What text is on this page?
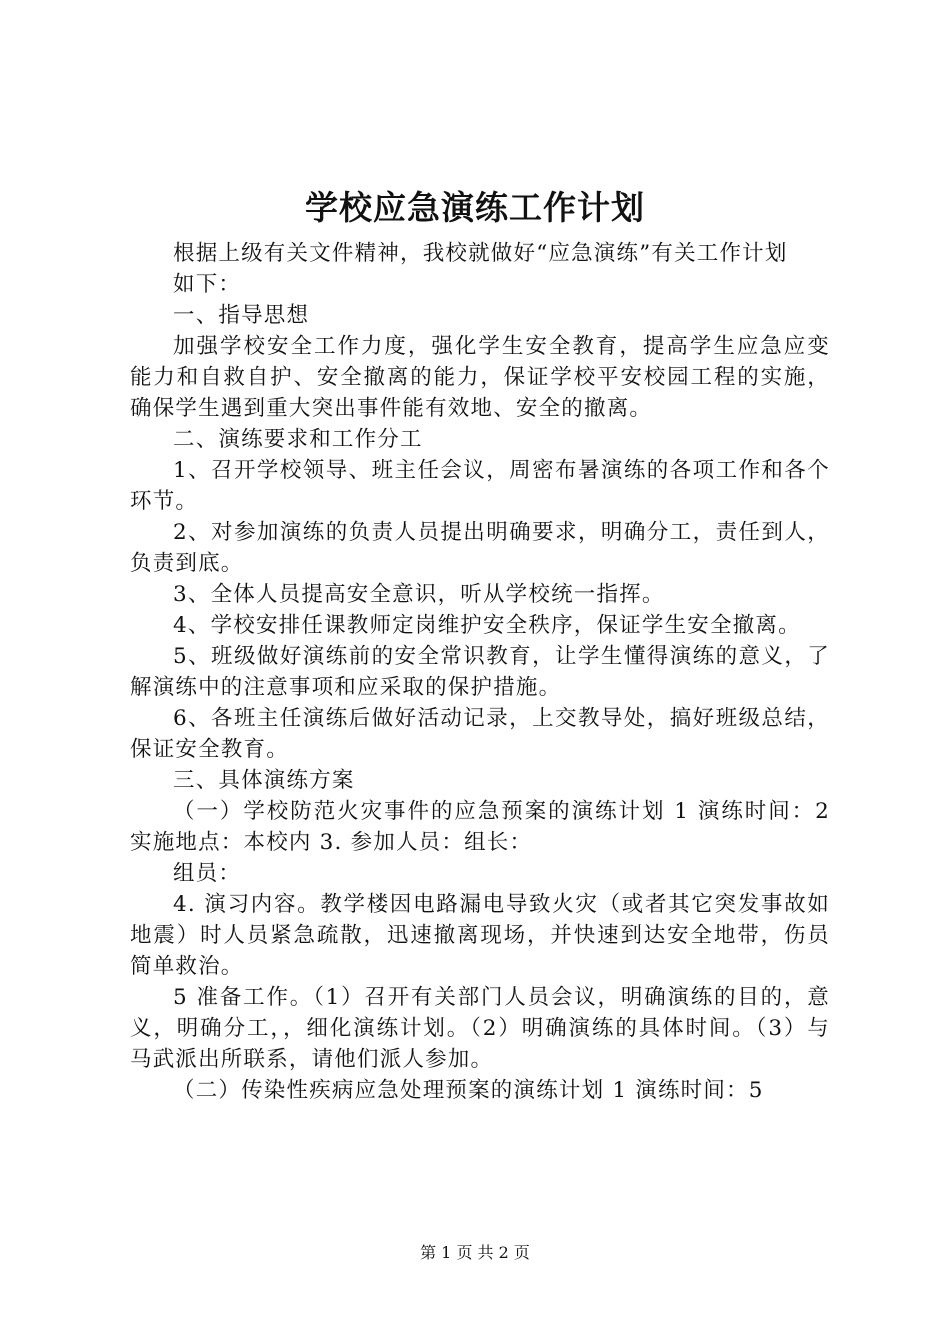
学校应急演练工作计划

根据上级有关文件精神，我校就做好“应急演练”有关工作计划

如下：

一、指导思想

加强学校安全工作力度，强化学生安全教育，提高学生应急应变能力和自救自护、安全撤离的能力，保证学校平安校园工程的实施，确保学生遇到重大突出事件能有效地、安全的撤离。

二、演练要求和工作分工

1、召开学校领导、班主任会议，周密布暑演练的各项工作和各个环节。

2、对参加演练的负责人员提出明确要求，明确分工，责任到人，负责到底。

3、全体人员提高安全意识，听从学校统一指挥。

4、学校安排任课教师定岗维护安全秩序，保证学生安全撤离。

5、班级做好演练前的安全常识教育，让学生懂得演练的意义，了解演练中的注意事项和应采取的保护措施。

6、各班主任演练后做好活动记录，上交教导处，搞好班级总结，保证安全教育。

三、具体演练方案

（一）学校防范火灾事件的应急预案的演练计划 1 演练时间：2 实施地点：本校内 3. 参加人员：组长：

组员：

4. 演习内容。教学楼因电路漏电导致火灾（或者其它突发事故如地震）时人员紧急疏散，迅速撤离现场，并快速到达安全地带，伤员简单救治。

5 准备工作。（1）召开有关部门人员会议，明确演练的目的，意义，明确分工，，细化演练计划。（2）明确演练的具体时间。（3）与马武派出所联系，请他们派人参加。

（二）传染性疾病应急处理预案的演练计划 1 演练时间：5

第 1 页 共 2 页
